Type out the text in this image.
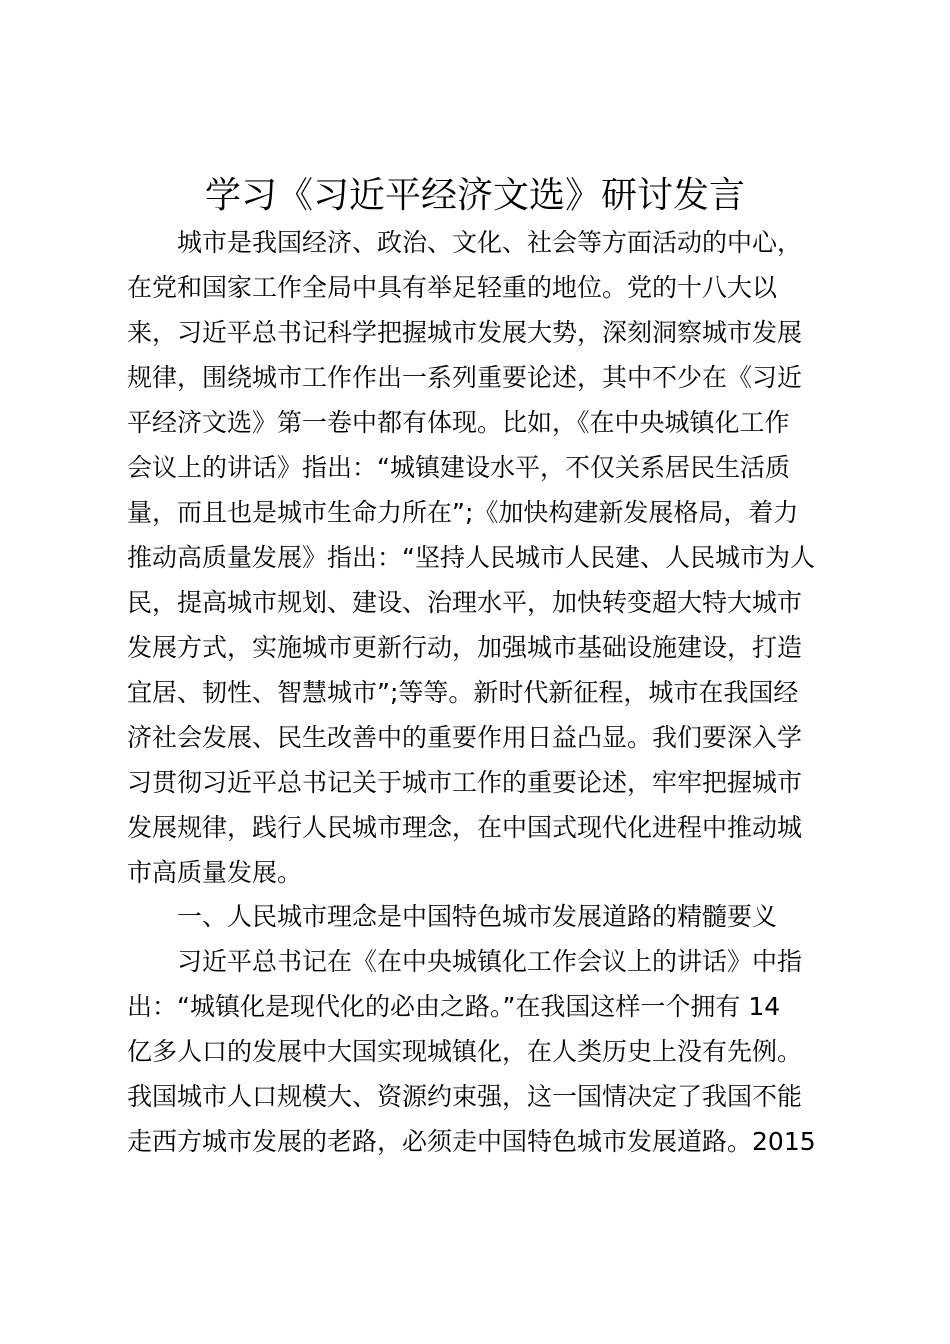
学习《习近平经济文选》研讨发言
城市是我国经济、政治、文化、社会等方面活动的中心，
在党和国家工作全局中具有举足轻重的地位。党的十八大以
来，习近平总书记科学把握城市发展大势，深刻洞察城市发展
规律，围绕城市工作作出一系列重要论述，其中不少在《习近
平经济文选》第一卷中都有体现。比如，《在中央城镇化工作
会议上的讲话》指出：“城镇建设水平，不仅关系居民生活质
量，而且也是城市生命力所在”;《加快构建新发展格局，着力
推动高质量发展》指出：“坚持人民城市人民建、人民城市为人
民，提高城市规划、建设、治理水平，加快转变超大特大城市
发展方式，实施城市更新行动，加强城市基础设施建设，打造
宜居、韧性、智慧城市”;等等。新时代新征程，城市在我国经
济社会发展、民生改善中的重要作用日益凸显。我们要深入学
习贯彻习近平总书记关于城市工作的重要论述，牢牢把握城市
发展规律，践行人民城市理念，在中国式现代化进程中推动城
市高质量发展。
一、人民城市理念是中国特色城市发展道路的精髓要义
习近平总书记在《在中央城镇化工作会议上的讲话》中指
出：“城镇化是现代化的必由之路。”在我国这样一个拥有 14
亿多人口的发展中大国实现城镇化，在人类历史上没有先例。
我国城市人口规模大、资源约束强，这一国情决定了我国不能
走西方城市发展的老路，必须走中国特色城市发展道路。2015
